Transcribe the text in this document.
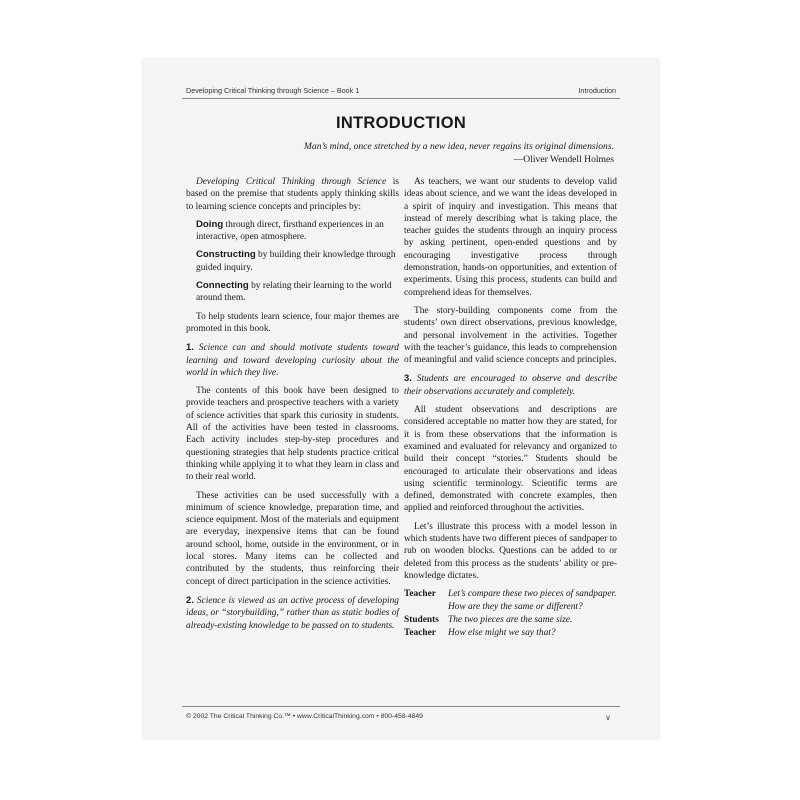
Developing Critical Thinking through Science – Book 1	Introduction
INTRODUCTION
Man’s mind, once stretched by a new idea, never regains its original dimensions.
—Oliver Wendell Holmes

Developing Critical Thinking through Science is based on the premise that students apply thinking skills to learning science concepts and principles by:

Doing through direct, firsthand experiences in an interactive, open atmosphere.

Constructing by building their knowledge through guided inquiry.

Connecting by relating their learning to the world around them.

To help students learn science, four major themes are promoted in this book.

1. Science can and should motivate students toward learning and toward developing curiosity about the world in which they live.

The contents of this book have been designed to provide teachers and prospective teachers with a variety of science activities that spark this curiosity in students. All of the activities have been tested in classrooms. Each activity includes step-by-step procedures and questioning strategies that help students practice critical thinking while applying it to what they learn in class and to their real world.

These activities can be used successfully with a minimum of science knowledge, preparation time, and science equipment. Most of the materials and equipment are everyday, inexpensive items that can be found around school, home, outside in the environment, or in local stores. Many items can be collected and contributed by the students, thus reinforcing their concept of direct participation in the science activities.

2. Science is viewed as an active process of developing ideas, or “storybuilding,” rather than as static bodies of already-existing knowledge to be passed on to students.

As teachers, we want our students to develop valid ideas about science, and we want the ideas developed in a spirit of inquiry and investigation. This means that instead of merely describing what is taking place, the teacher guides the students through an inquiry process by asking pertinent, open-ended questions and by encouraging investigative process through demonstration, hands-on opportunities, and extention of experiments. Using this process, students can build and comprehend ideas for themselves.

The story-building components come from the students’ own direct observations, previous knowledge, and personal involvement in the activities. Together with the teacher’s guidance, this leads to comprehension of meaningful and valid science concepts and principles.

3. Students are encouraged to observe and describe their observations accurately and completely.

All student observations and descriptions are considered acceptable no matter how they are stated, for it is from these observations that the information is examined and evaluated for relevancy and organized to build their concept “stories.” Students should be encouraged to articulate their observations and ideas using scientific terminology. Scientific terms are defined, demonstrated with concrete examples, then applied and reinforced throughout the activities.

Let’s illustrate this process with a model lesson in which students have two different pieces of sandpaper to rub on wooden blocks. Questions can be added to or deleted from this process as the students’ ability or pre-knowledge dictates.

Teacher	Let’s compare these two pieces of sandpaper. How are they the same or different?
Students The two pieces are the same size.
Teacher	How else might we say that?
© 2002 The Critical Thinking Co.™ • www.CriticalThinking.com • 800-458-4849	v
